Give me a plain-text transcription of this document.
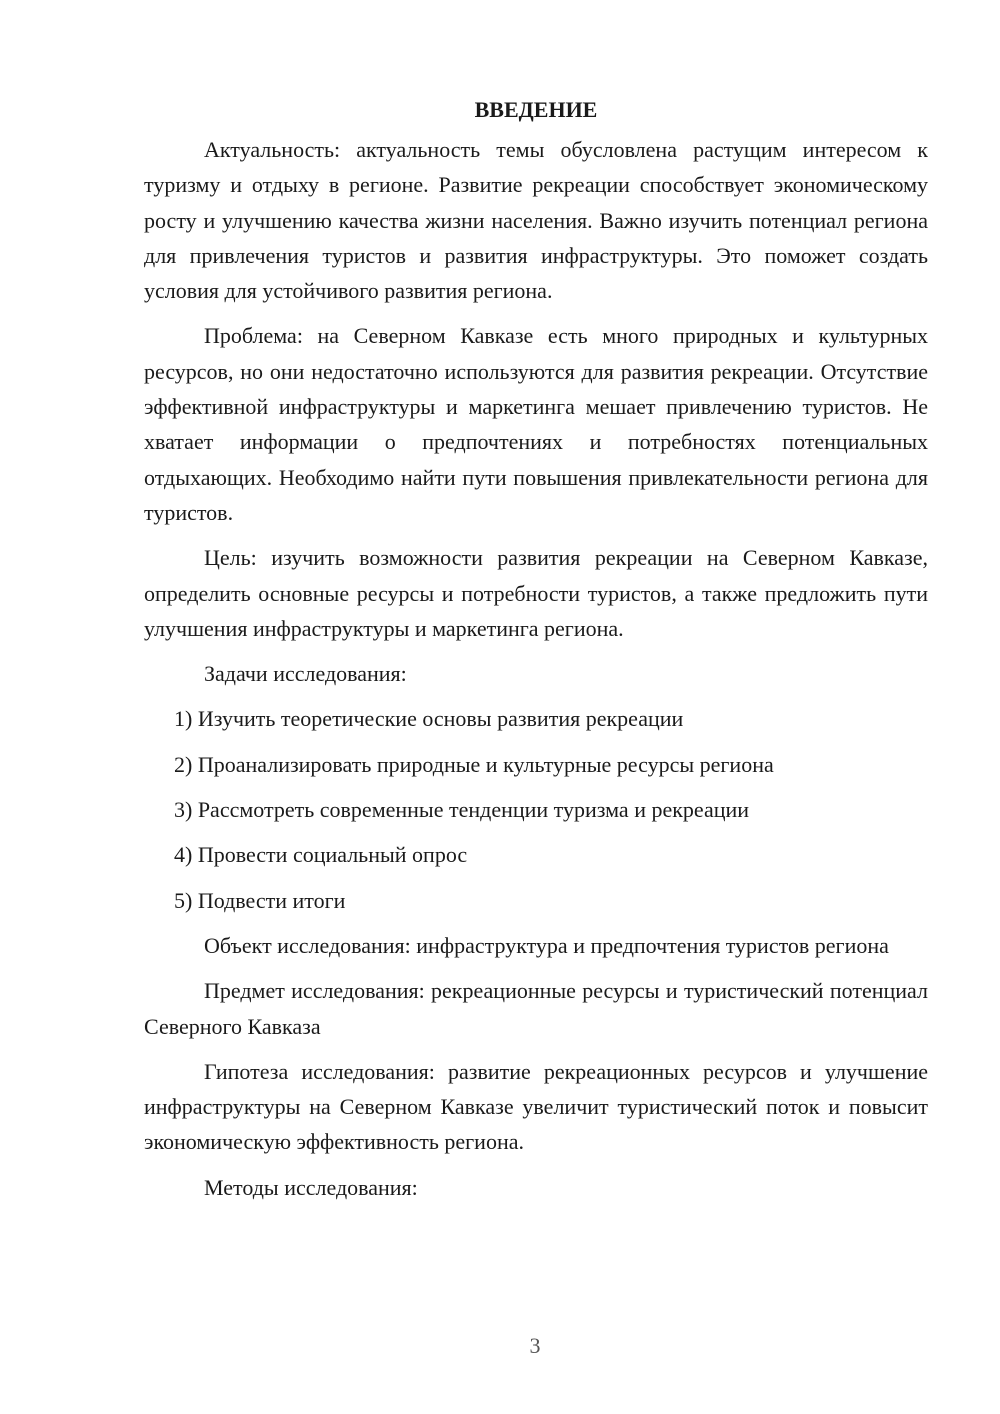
ВВЕДЕНИЕ

Актуальность: актуальность темы обусловлена растущим интересом к туризму и отдыху в регионе. Развитие рекреации способствует экономическому росту и улучшению качества жизни населения. Важно изучить потенциал региона для привлечения туристов и развития инфраструктуры. Это поможет создать условия для устойчивого развития региона.

Проблема: на Северном Кавказе есть много природных и культурных ресурсов, но они недостаточно используются для развития рекреации. Отсутствие эффективной инфраструктуры и маркетинга мешает привлечению туристов. Не хватает информации о предпочтениях и потребностях потенциальных отдыхающих. Необходимо найти пути повышения привлекательности региона для туристов.

Цель: изучить возможности развития рекреации на Северном Кавказе, определить основные ресурсы и потребности туристов, а также предложить пути улучшения инфраструктуры и маркетинга региона.

Задачи исследования:

1) Изучить теоретические основы развития рекреации
2) Проанализировать природные и культурные ресурсы региона
3) Рассмотреть современные тенденции туризма и рекреации
4) Провести социальный опрос
5) Подвести итоги

Объект исследования: инфраструктура и предпочтения туристов региона

Предмет исследования: рекреационные ресурсы и туристический потенциал Северного Кавказа

Гипотеза исследования: развитие рекреационных ресурсов и улучшение инфраструктуры на Северном Кавказе увеличит туристический поток и повысит экономическую эффективность региона.

Методы исследования:

3
